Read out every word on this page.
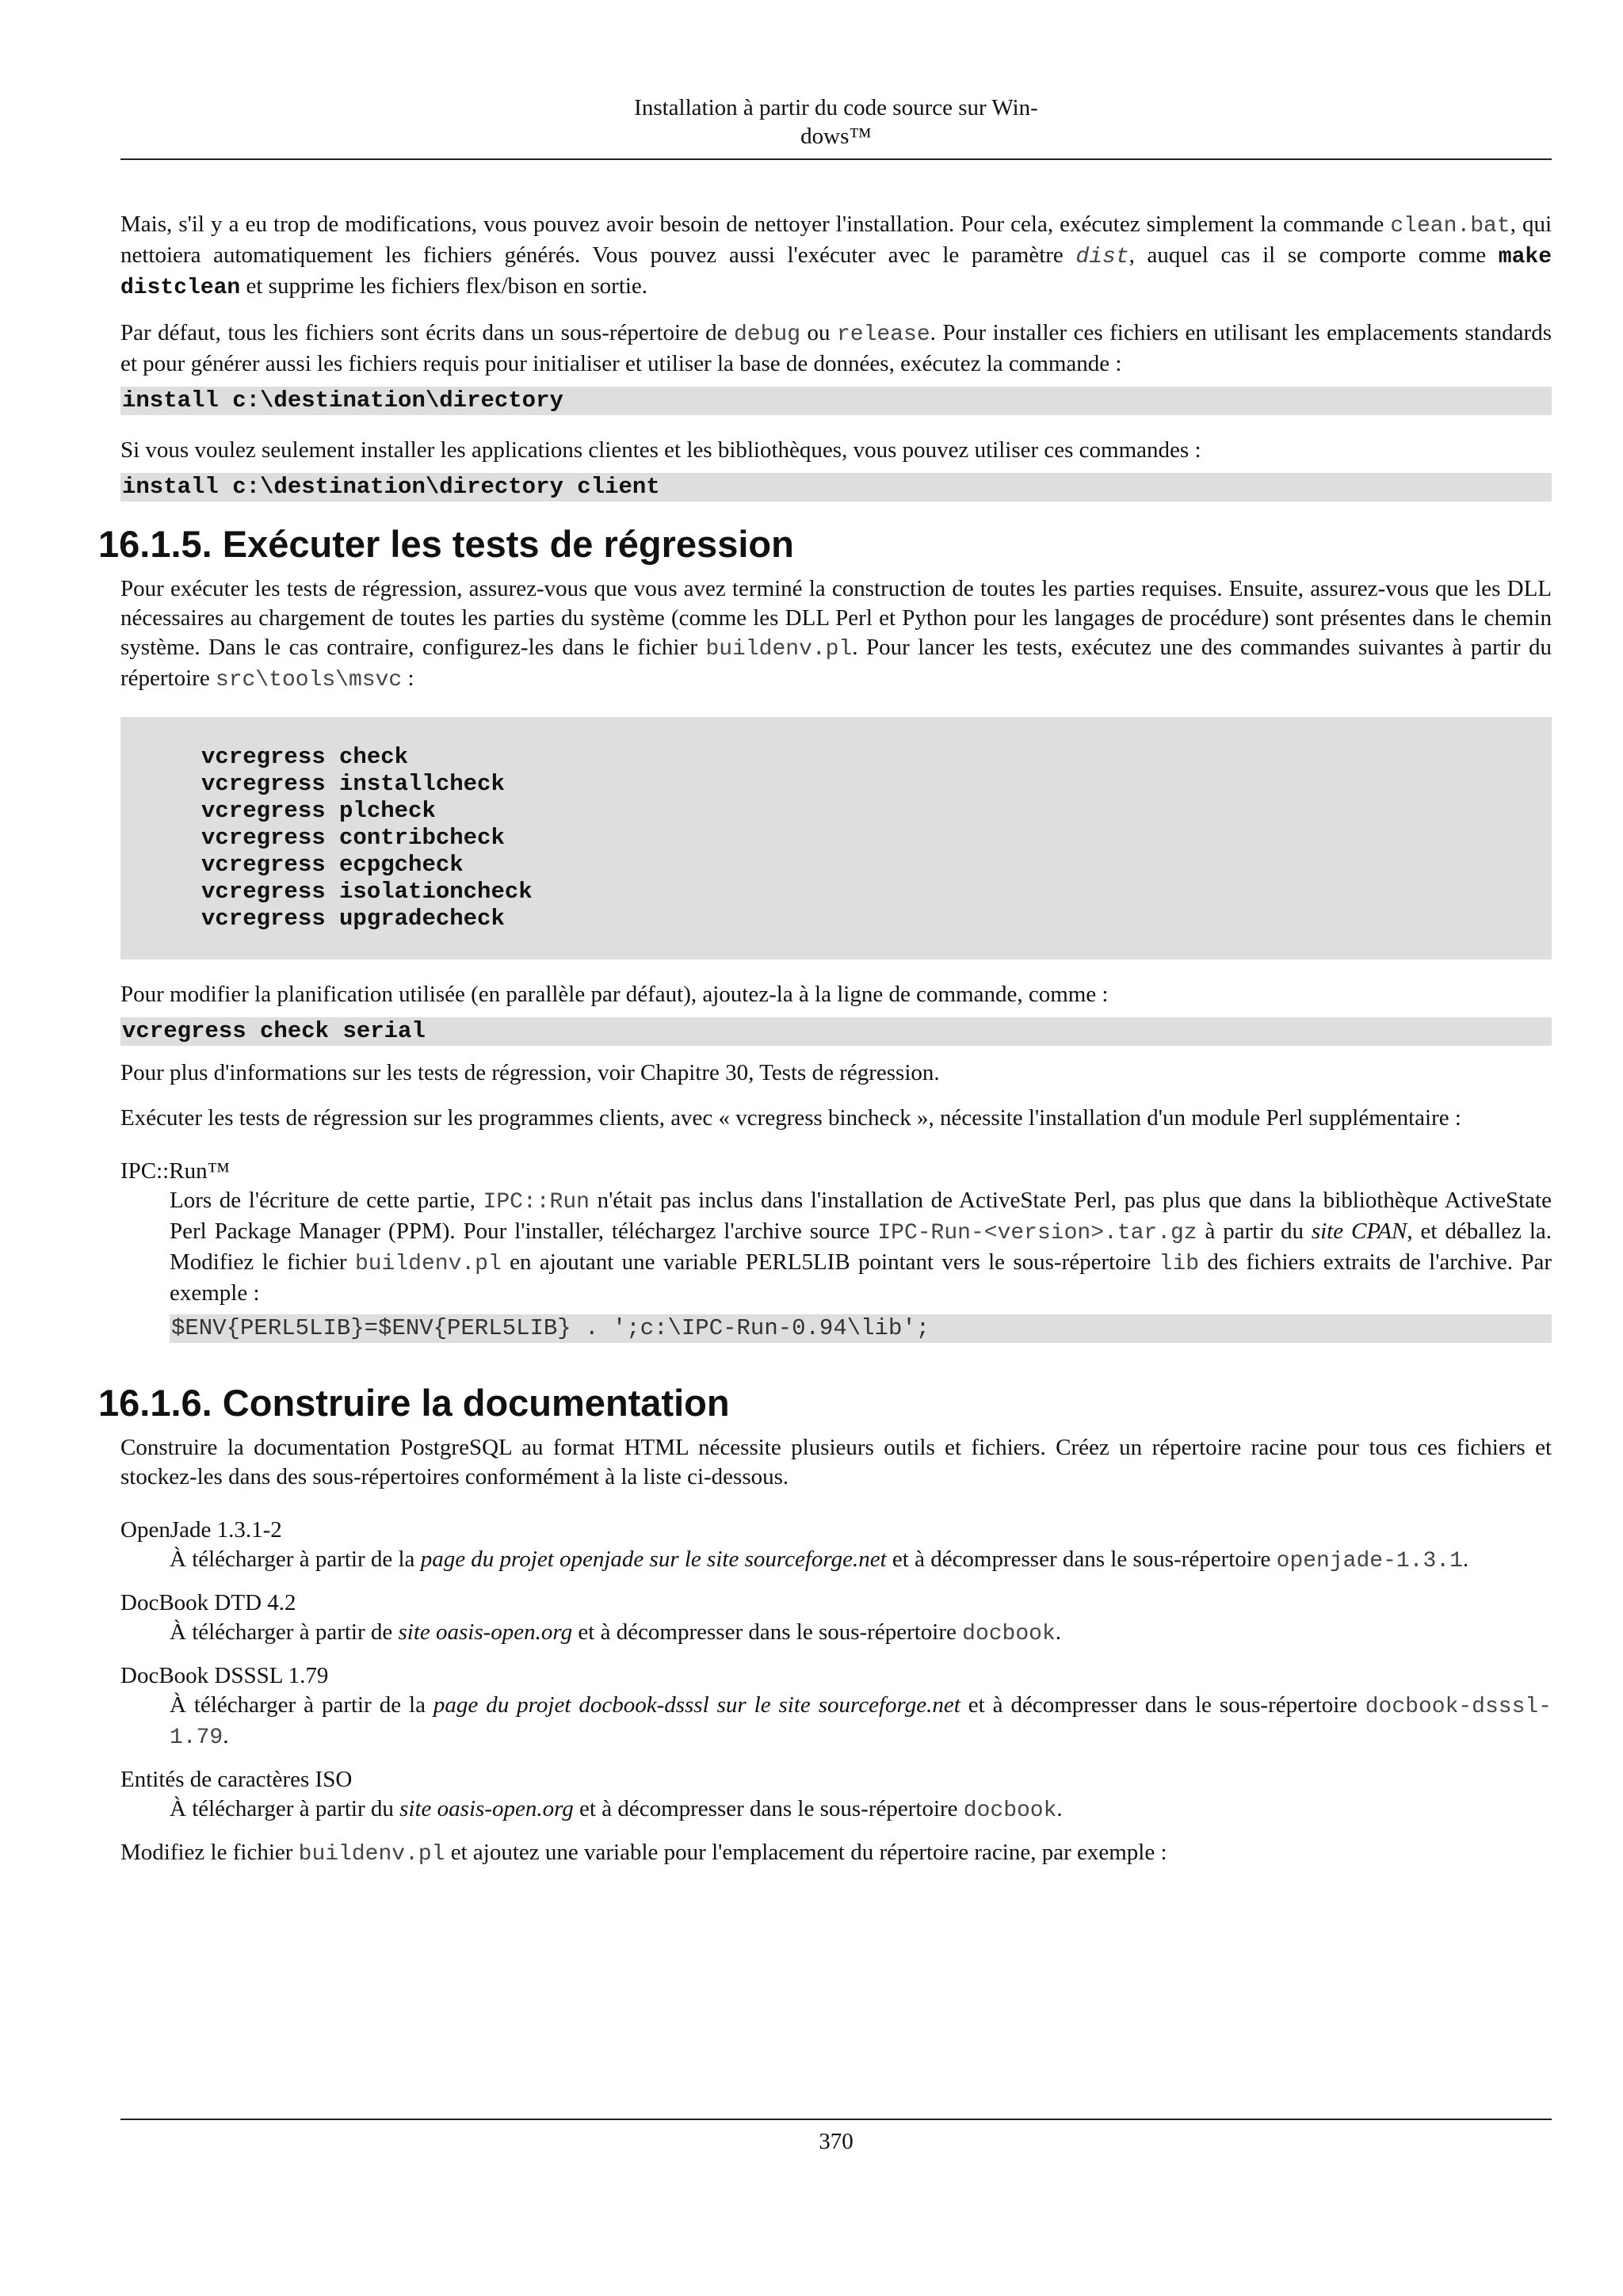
Installation à partir du code source sur Win-
dows™

Mais, s'il y a eu trop de modifications, vous pouvez avoir besoin de nettoyer l'installation. Pour cela, exécutez simplement la commande clean.bat, qui nettoiera automatiquement les fichiers générés. Vous pouvez aussi l'exécuter avec le paramètre dist, auquel cas il se comporte comme make distclean et supprime les fichiers flex/bison en sortie.

Par défaut, tous les fichiers sont écrits dans un sous-répertoire de debug ou release. Pour installer ces fichiers en utilisant les emplacements standards et pour générer aussi les fichiers requis pour initialiser et utiliser la base de données, exécutez la commande :

install c:\destination\directory

Si vous voulez seulement installer les applications clientes et les bibliothèques, vous pouvez utiliser ces commandes :

install c:\destination\directory client
16.1.5. Exécuter les tests de régression

Pour exécuter les tests de régression, assurez-vous que vous avez terminé la construction de toutes les parties requises. Ensuite, assurez-vous que les DLL nécessaires au chargement de toutes les parties du système (comme les DLL Perl et Python pour les langages de procédure) sont présentes dans le chemin système. Dans le cas contraire, configurez-les dans le fichier buildenv.pl. Pour lancer les tests, exécutez une des commandes suivantes à partir du répertoire src\tools\msvc :

vcregress check
vcregress installcheck
vcregress plcheck
vcregress contribcheck
vcregress ecpgcheck
vcregress isolationcheck
vcregress upgradecheck

Pour modifier la planification utilisée (en parallèle par défaut), ajoutez-la à la ligne de commande, comme :

vcregress check serial

Pour plus d'informations sur les tests de régression, voir Chapitre 30, Tests de régression.

Exécuter les tests de régression sur les programmes clients, avec « vcregress bincheck », nécessite l'installation d'un module Perl supplémentaire :

IPC::Run™
Lors de l'écriture de cette partie, IPC::Run n'était pas inclus dans l'installation de ActiveState Perl, pas plus que dans la bibliothèque ActiveState Perl Package Manager (PPM). Pour l'installer, téléchargez l'archive source IPC-Run-<version>.tar.gz à partir du site CPAN, et déballez la. Modifiez le fichier buildenv.pl en ajoutant une variable PERL5LIB pointant vers le sous-répertoire lib des fichiers extraits de l'archive. Par exemple :
$ENV{PERL5LIB}=$ENV{PERL5LIB} . ';c:\IPC-Run-0.94\lib';
16.1.6. Construire la documentation

Construire la documentation PostgreSQL au format HTML nécessite plusieurs outils et fichiers. Créez un répertoire racine pour tous ces fichiers et stockez-les dans des sous-répertoires conformément à la liste ci-dessous.

OpenJade 1.3.1-2
À télécharger à partir de la page du projet openjade sur le site sourceforge.net et à décompresser dans le sous-répertoire openjade-1.3.1.
DocBook DTD 4.2
À télécharger à partir de site oasis-open.org et à décompresser dans le sous-répertoire docbook.
DocBook DSSSL 1.79
À télécharger à partir de la page du projet docbook-dsssl sur le site sourceforge.net et à décompresser dans le sous-répertoire docbook-dsssl-1.79.
Entités de caractères ISO
À télécharger à partir du site oasis-open.org et à décompresser dans le sous-répertoire docbook.

Modifiez le fichier buildenv.pl et ajoutez une variable pour l'emplacement du répertoire racine, par exemple :

370
